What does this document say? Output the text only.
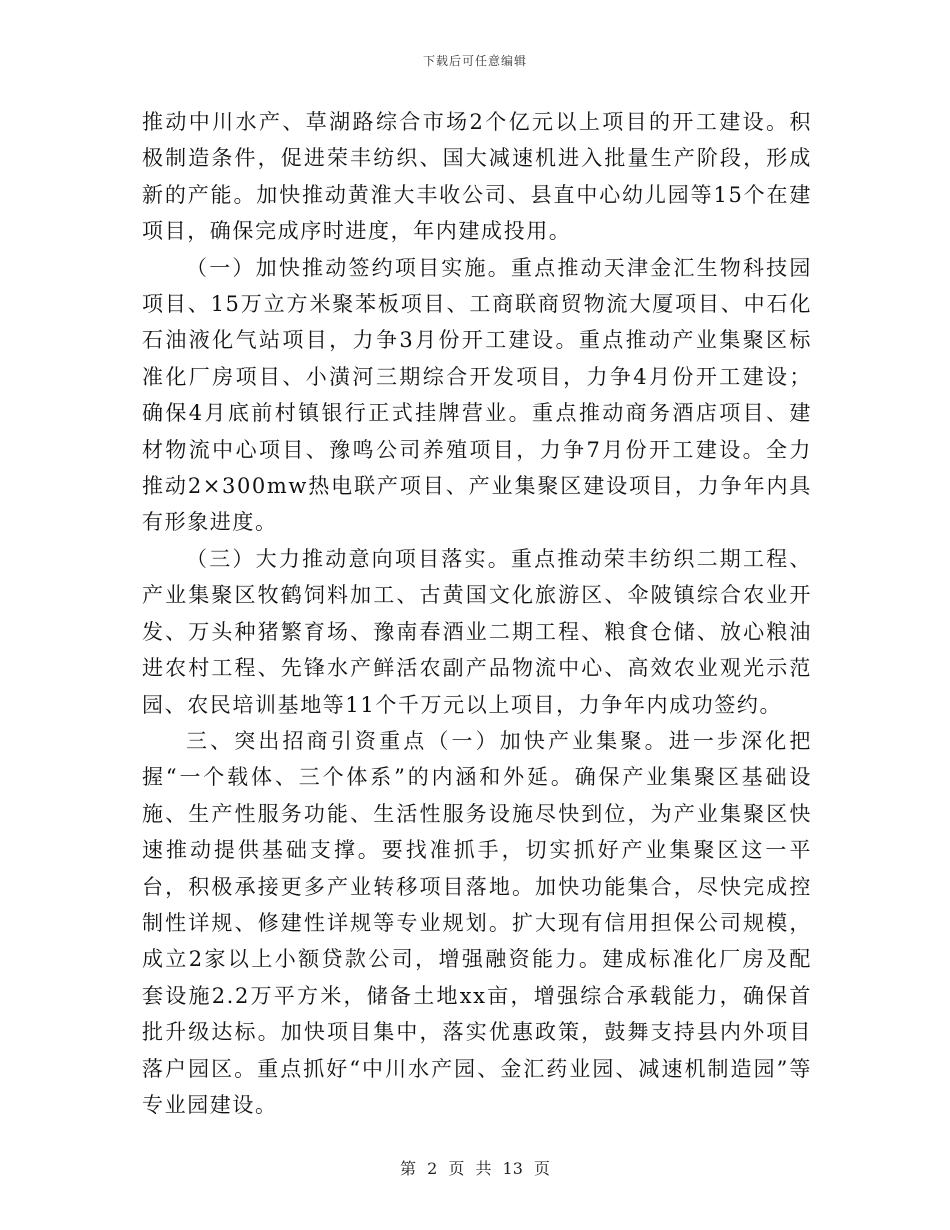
下载后可任意编辑

推动中川水产、草湖路综合市场2个亿元以上项目的开工建设。积极制造条件，促进荣丰纺织、国大减速机进入批量生产阶段，形成新的产能。加快推动黄淮大丰收公司、县直中心幼儿园等15个在建项目，确保完成序时进度，年内建成投用。

（一）加快推动签约项目实施。重点推动天津金汇生物科技园项目、15万立方米聚苯板项目、工商联商贸物流大厦项目、中石化石油液化气站项目，力争3月份开工建设。重点推动产业集聚区标准化厂房项目、小潢河三期综合开发项目，力争4月份开工建设；确保4月底前村镇银行正式挂牌营业。重点推动商务酒店项目、建材物流中心项目、豫鸣公司养殖项目，力争7月份开工建设。全力推动2×300mw热电联产项目、产业集聚区建设项目，力争年内具有形象进度。

（三）大力推动意向项目落实。重点推动荣丰纺织二期工程、产业集聚区牧鹤饲料加工、古黄国文化旅游区、伞陂镇综合农业开发、万头种猪繁育场、豫南春酒业二期工程、粮食仓储、放心粮油进农村工程、先锋水产鲜活农副产品物流中心、高效农业观光示范园、农民培训基地等11个千万元以上项目，力争年内成功签约。

三、突出招商引资重点（一）加快产业集聚。进一步深化把握“一个载体、三个体系”的内涵和外延。确保产业集聚区基础设施、生产性服务功能、生活性服务设施尽快到位，为产业集聚区快速推动提供基础支撑。要找准抓手，切实抓好产业集聚区这一平台，积极承接更多产业转移项目落地。加快功能集合，尽快完成控制性详规、修建性详规等专业规划。扩大现有信用担保公司规模，成立2家以上小额贷款公司，增强融资能力。建成标准化厂房及配套设施2.2万平方米，储备土地xx亩，增强综合承载能力，确保首批升级达标。加快项目集中，落实优惠政策，鼓舞支持县内外项目落户园区。重点抓好“中川水产园、金汇药业园、减速机制造园”等专业园建设。

第 2 页 共 13 页
